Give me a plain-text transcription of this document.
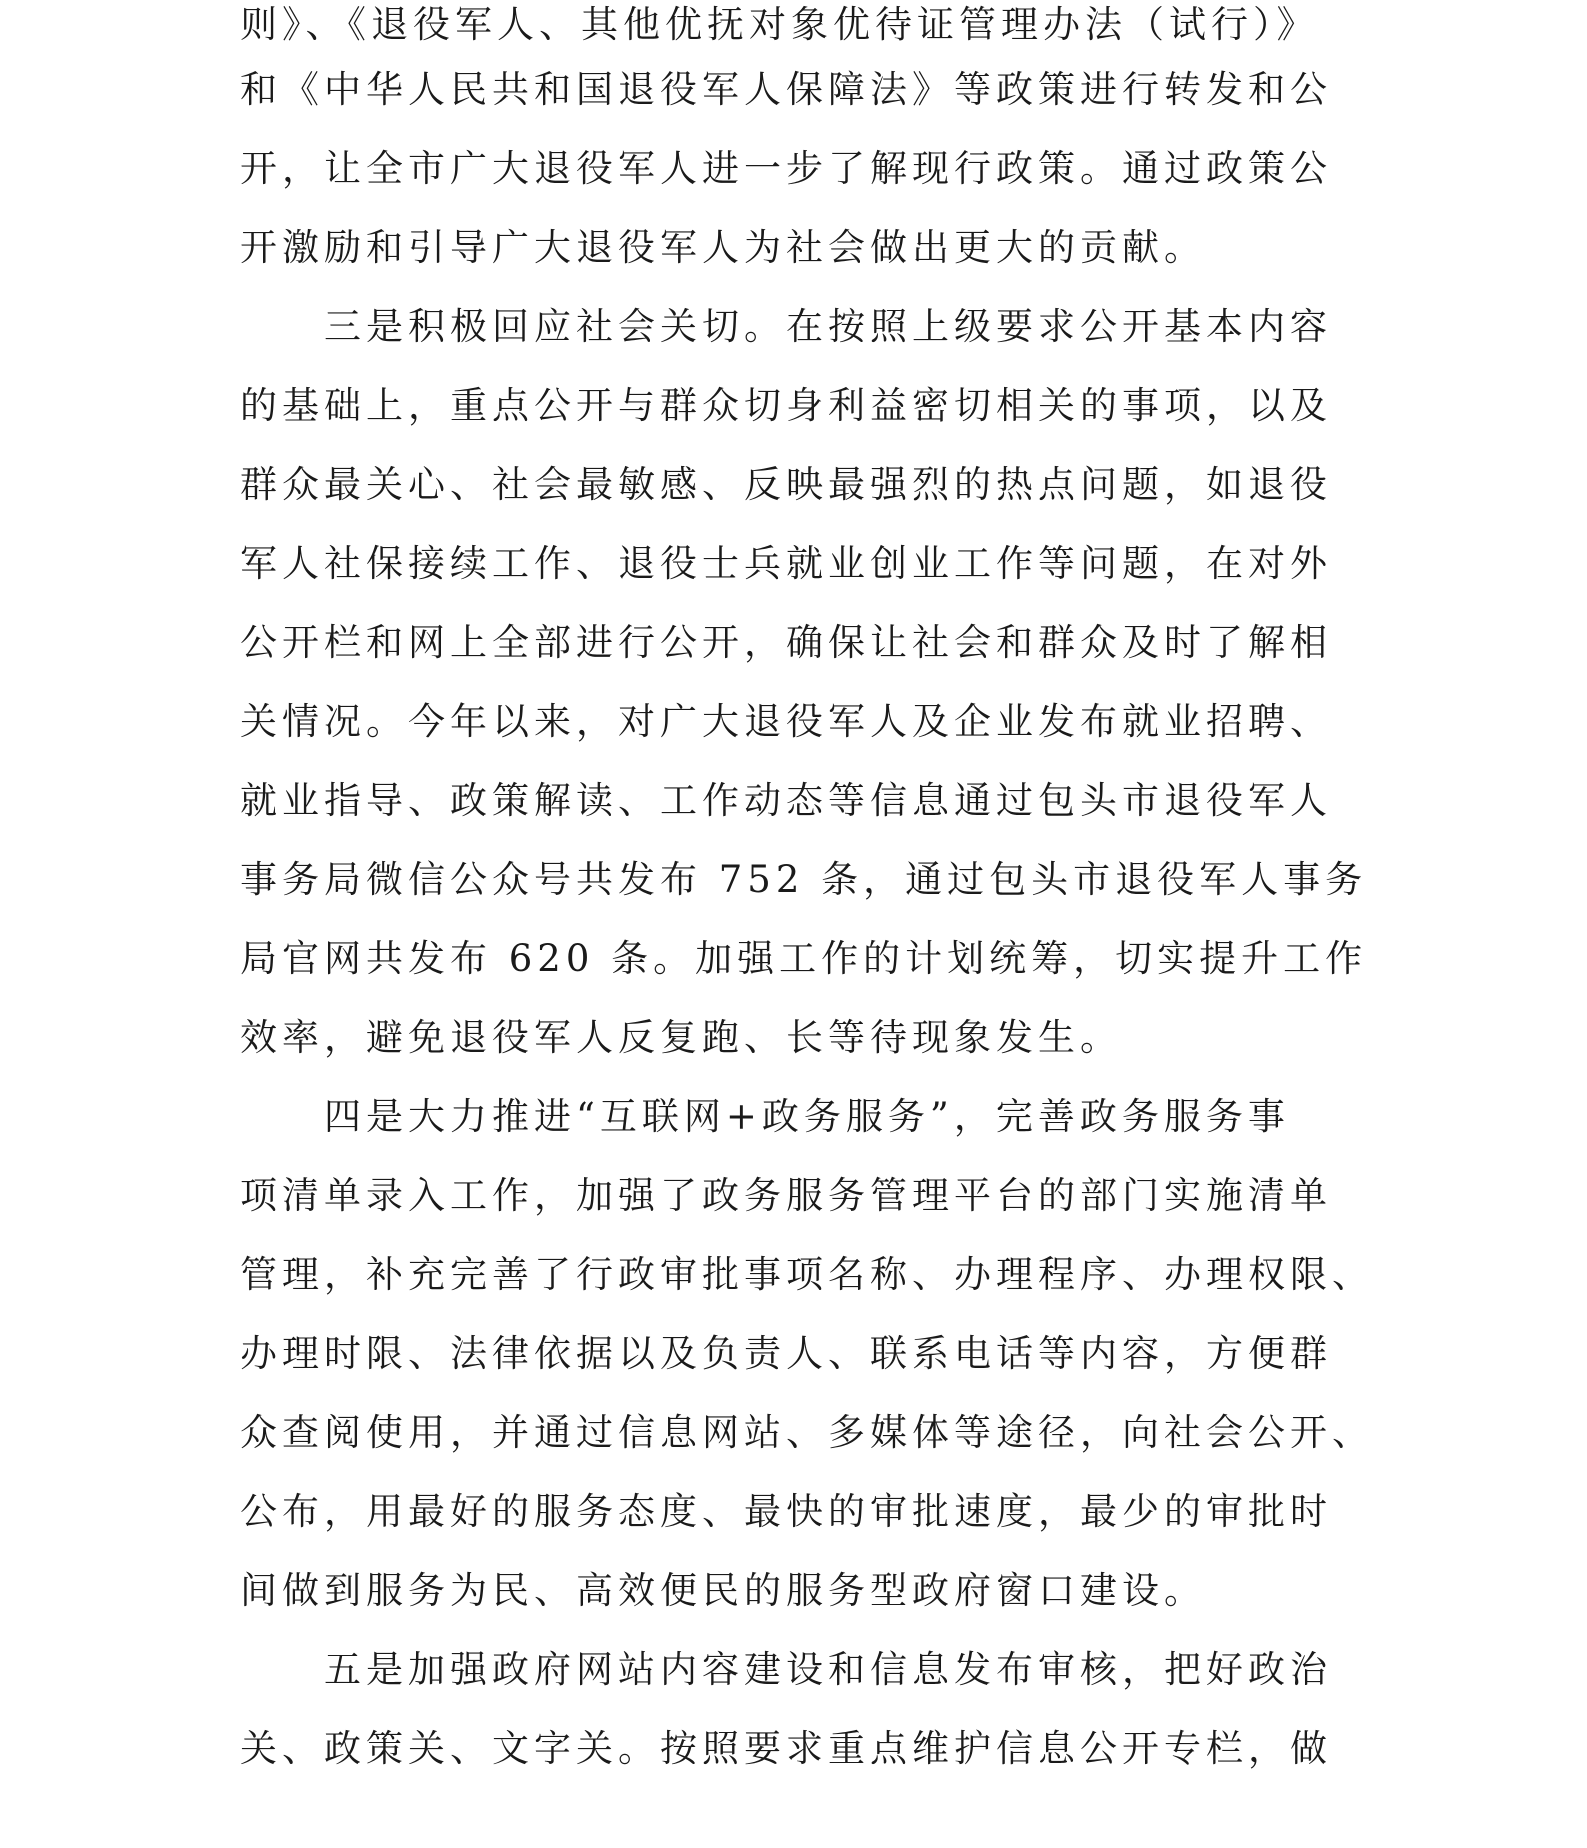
则》、《退役军人、其他优抚对象优待证管理办法（试行）》
和《中华人民共和国退役军人保障法》等政策进行转发和公
开，让全市广大退役军人进一步了解现行政策。通过政策公
开激励和引导广大退役军人为社会做出更大的贡献。
三是积极回应社会关切。在按照上级要求公开基本内容
的基础上，重点公开与群众切身利益密切相关的事项，以及
群众最关心、社会最敏感、反映最强烈的热点问题，如退役
军人社保接续工作、退役士兵就业创业工作等问题，在对外
公开栏和网上全部进行公开，确保让社会和群众及时了解相
关情况。今年以来，对广大退役军人及企业发布就业招聘、
就业指导、政策解读、工作动态等信息通过包头市退役军人
事务局微信公众号共发布 752 条，通过包头市退役军人事务
局官网共发布 620 条。加强工作的计划统筹，切实提升工作
效率，避免退役军人反复跑、长等待现象发生。
四是大力推进“互联网+政务服务”，完善政务服务事
项清单录入工作，加强了政务服务管理平台的部门实施清单
管理，补充完善了行政审批事项名称、办理程序、办理权限、
办理时限、法律依据以及负责人、联系电话等内容，方便群
众查阅使用，并通过信息网站、多媒体等途径，向社会公开、
公布，用最好的服务态度、最快的审批速度，最少的审批时
间做到服务为民、高效便民的服务型政府窗口建设。
五是加强政府网站内容建设和信息发布审核，把好政治
关、政策关、文字关。按照要求重点维护信息公开专栏，做
